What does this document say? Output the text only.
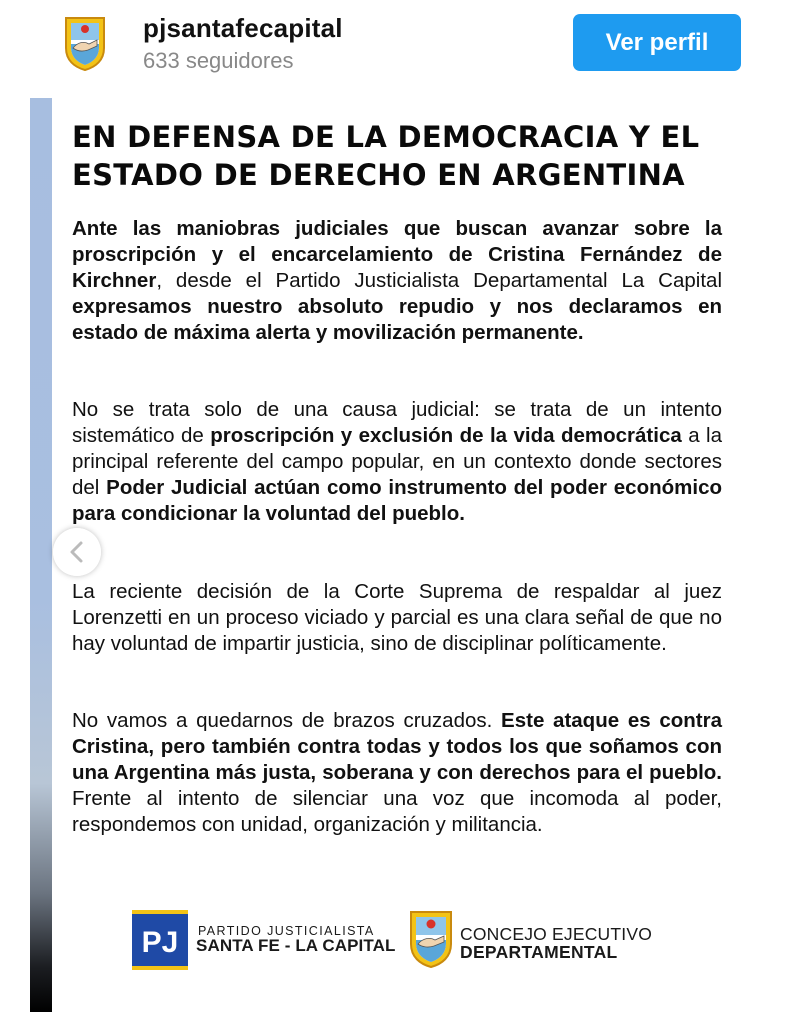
pjsantafecapital
633 seguidores
Ver perfil
EN DEFENSA DE LA DEMOCRACIA Y EL ESTADO DE DERECHO EN ARGENTINA

Ante las maniobras judiciales que buscan avanzar sobre la proscripción y el encarcelamiento de Cristina Fernández de Kirchner, desde el Partido Justicialista Departamental La Capital expresamos nuestro absoluto repudio y nos declaramos en estado de máxima alerta y movilización permanente.

No se trata solo de una causa judicial: se trata de un intento sistemático de proscripción y exclusión de la vida democrática a la principal referente del campo popular, en un contexto donde sectores del Poder Judicial actúan como instrumento del poder económico para condicionar la voluntad del pueblo.

La reciente decisión de la Corte Suprema de respaldar al juez Lorenzetti en un proceso viciado y parcial es una clara señal de que no hay voluntad de impartir justicia, sino de disciplinar políticamente.

No vamos a quedarnos de brazos cruzados. Este ataque es contra Cristina, pero también contra todas y todos los que soñamos con una Argentina más justa, soberana y con derechos para el pueblo. Frente al intento de silenciar una voz que incomoda al poder, respondemos con unidad, organización y militancia.

PJ PARTIDO JUSTICIALISTA
SANTA FE - LA CAPITAL
CONCEJO EJECUTIVO
DEPARTAMENTAL
